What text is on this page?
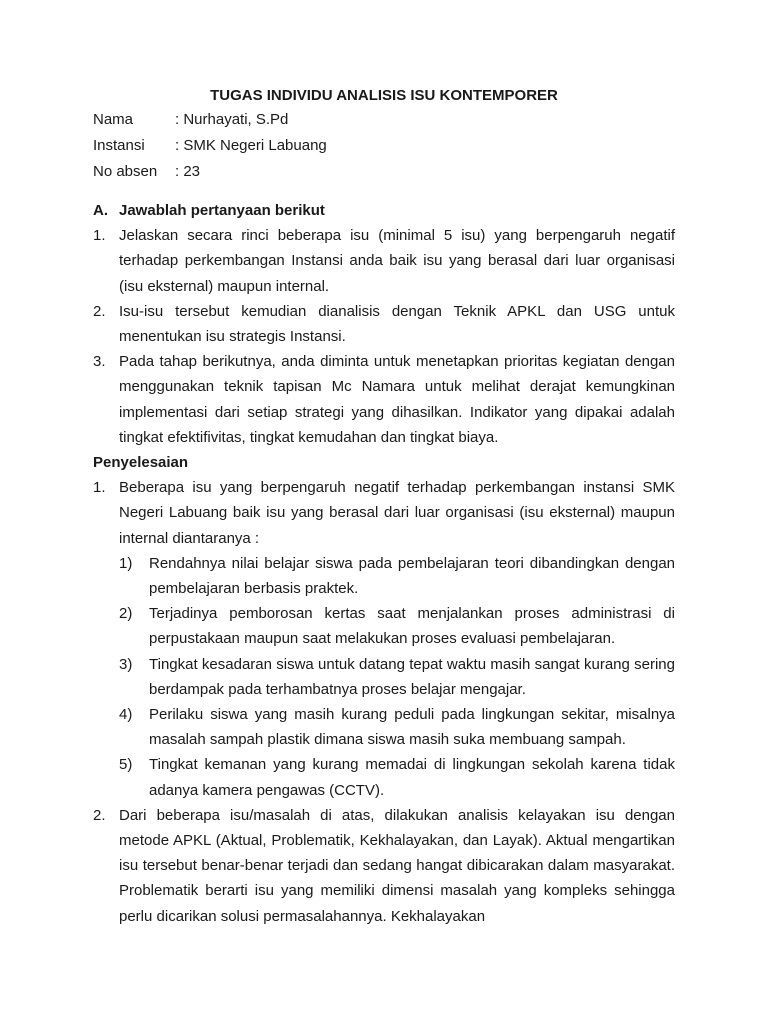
TUGAS INDIVIDU ANALISIS ISU KONTEMPORER
Nama	: Nurhayati, S.Pd
Instansi	: SMK Negeri Labuang
No absen	: 23
A. Jawablah pertanyaan berikut
1. Jelaskan secara rinci beberapa isu (minimal 5 isu) yang berpengaruh negatif terhadap perkembangan Instansi anda baik isu yang berasal dari luar organisasi (isu eksternal) maupun internal.
2. Isu-isu tersebut kemudian dianalisis dengan Teknik APKL dan USG untuk menentukan isu strategis Instansi.
3. Pada tahap berikutnya, anda diminta untuk menetapkan prioritas kegiatan dengan menggunakan teknik tapisan Mc Namara untuk melihat derajat kemungkinan implementasi dari setiap strategi yang dihasilkan. Indikator yang dipakai adalah tingkat efektifivitas, tingkat kemudahan dan tingkat biaya.
Penyelesaian
1. Beberapa isu yang berpengaruh negatif terhadap perkembangan instansi SMK Negeri Labuang baik isu yang berasal dari luar organisasi (isu eksternal) maupun internal diantaranya :
1)	Rendahnya nilai belajar siswa pada pembelajaran teori dibandingkan dengan pembelajaran berbasis praktek.
2)	Terjadinya pemborosan kertas saat menjalankan proses administrasi di perpustakaan maupun saat melakukan proses evaluasi pembelajaran.
3)	Tingkat kesadaran siswa untuk datang tepat waktu masih sangat kurang sering berdampak pada terhambatnya proses belajar mengajar.
4)	Perilaku siswa yang masih kurang peduli pada lingkungan sekitar, misalnya masalah sampah plastik dimana siswa masih suka membuang sampah.
5)	Tingkat kemanan yang kurang memadai di lingkungan sekolah karena tidak adanya kamera pengawas (CCTV).
2. Dari beberapa isu/masalah di atas, dilakukan analisis kelayakan isu dengan metode APKL (Aktual, Problematik, Kekhalayakan, dan Layak). Aktual mengartikan isu tersebut benar-benar terjadi dan sedang hangat dibicarakan dalam masyarakat. Problematik berarti isu yang memiliki dimensi masalah yang kompleks sehingga perlu dicarikan solusi permasalahannya. Kekhalayakan
